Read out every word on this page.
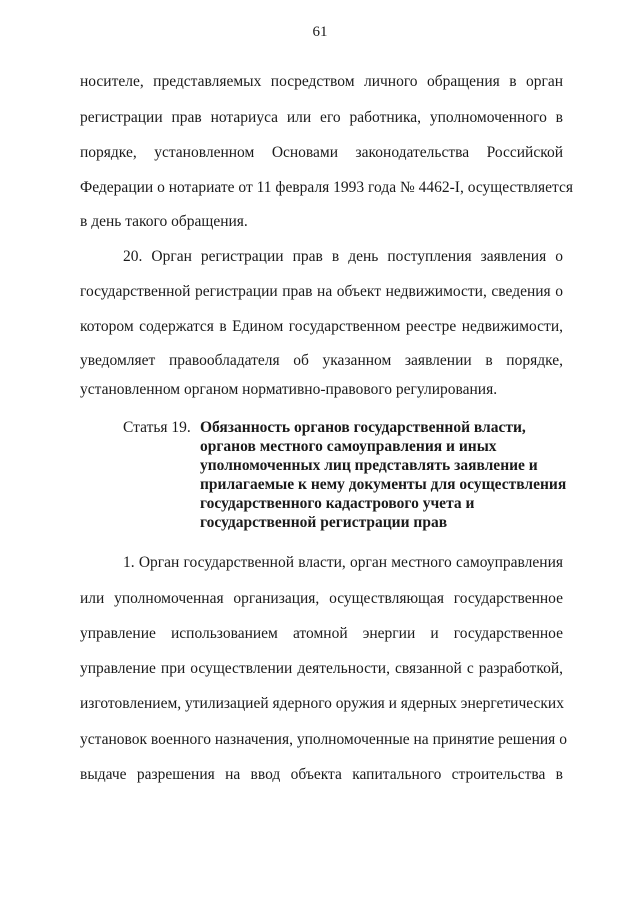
61
носителе, представляемых посредством личного обращения в орган
регистрации прав нотариуса или его работника, уполномоченного в
порядке, установленном Основами законодательства Российской
Федерации о нотариате от 11 февраля 1993 года № 4462-I, осуществляется
в день такого обращения.
20. Орган регистрации прав в день поступления заявления о
государственной регистрации прав на объект недвижимости, сведения о
котором содержатся в Едином государственном реестре недвижимости,
уведомляет правообладателя об указанном заявлении в порядке,
установленном органом нормативно-правового регулирования.
Статья 19. Обязанность органов государственной власти,
органов местного самоуправления и иных
уполномоченных лиц представлять заявление и
прилагаемые к нему документы для осуществления
государственного кадастрового учета и
государственной регистрации прав
1. Орган государственной власти, орган местного самоуправления
или уполномоченная организация, осуществляющая государственное
управление использованием атомной энергии и государственное
управление при осуществлении деятельности, связанной с разработкой,
изготовлением, утилизацией ядерного оружия и ядерных энергетических
установок военного назначения, уполномоченные на принятие решения о
выдаче разрешения на ввод объекта капитального строительства в
